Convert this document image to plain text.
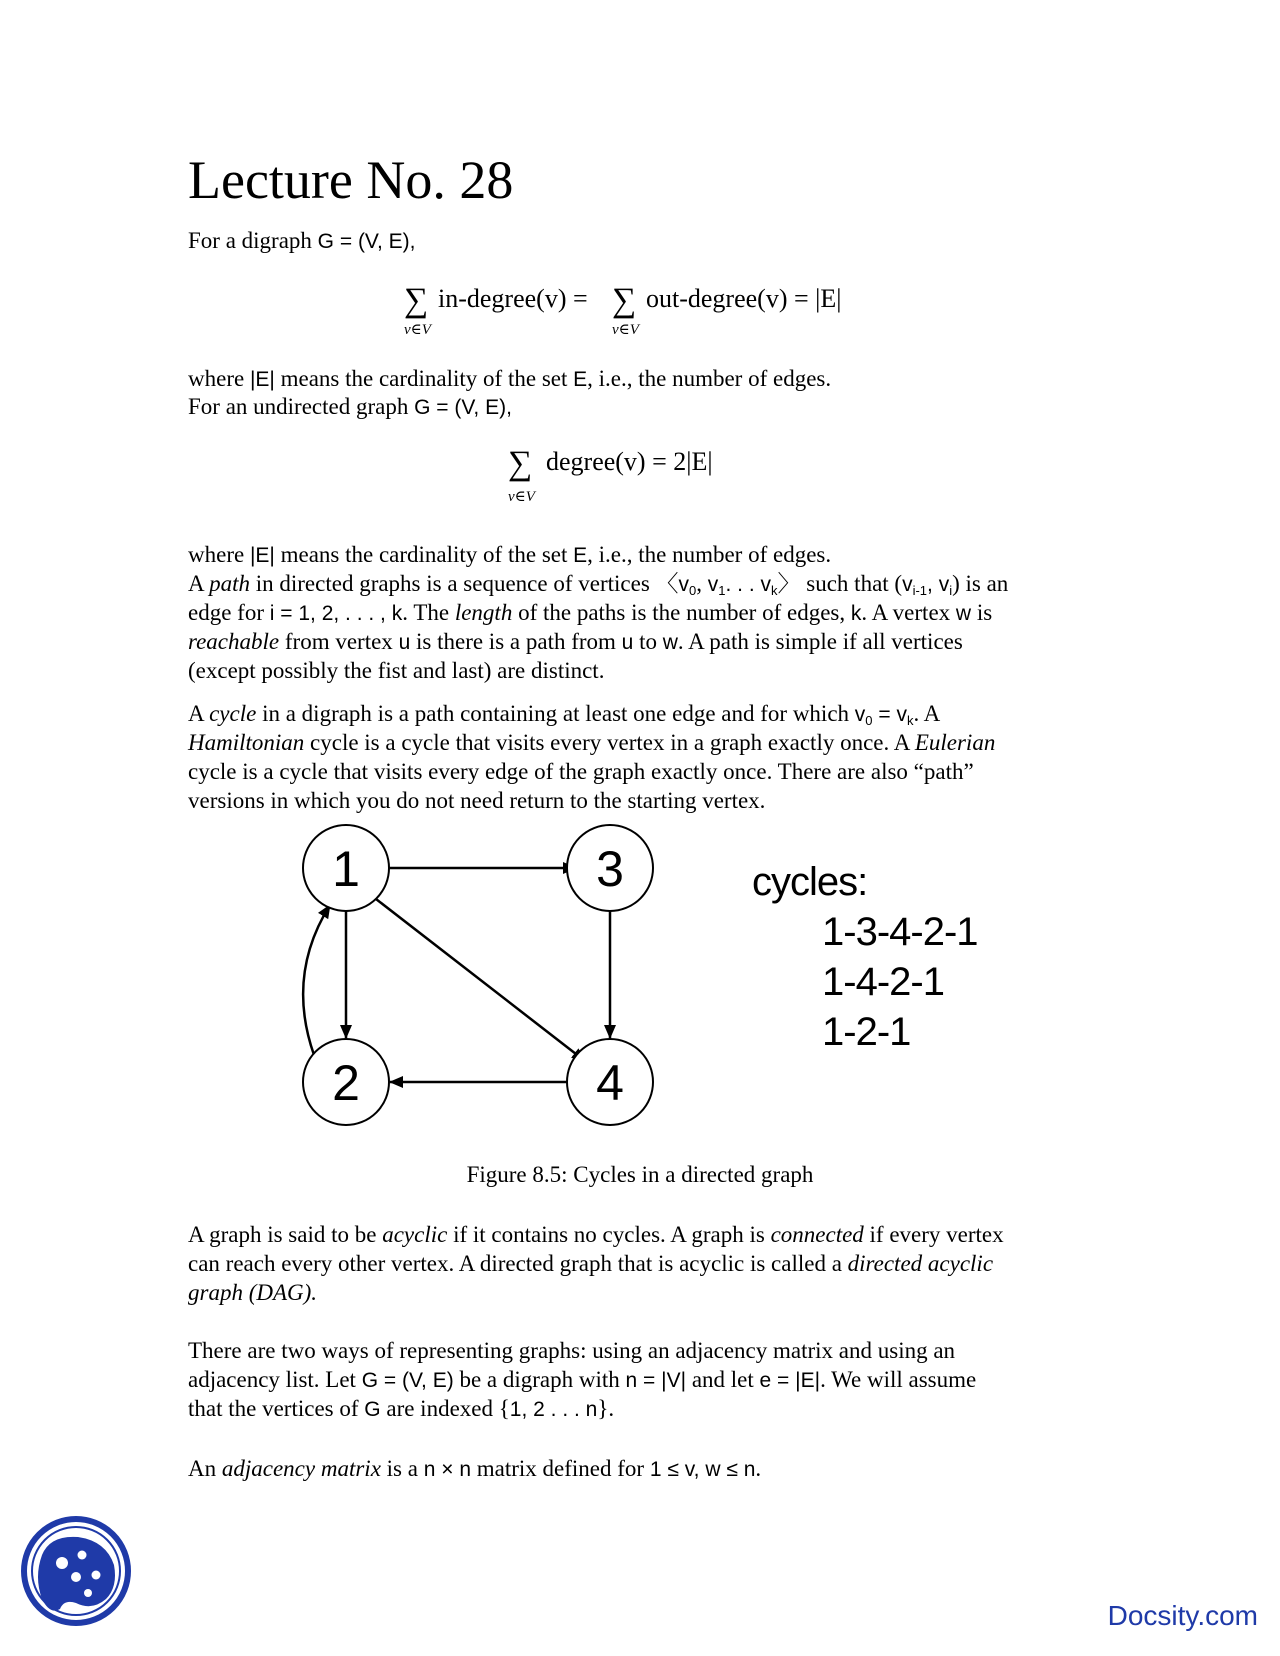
Lecture No. 28
For a digraph G = (V, E),
∑ in-degree(v) = ∑ out-degree(v) = |E|
v∈V	v∈V
where |E| means the cardinality of the set E, i.e., the number of edges.
For an undirected graph G = (V, E),
∑ degree(v) = 2|E|
v∈V
where |E| means the cardinality of the set E, i.e., the number of edges.
A path in directed graphs is a sequence of vertices 〈$v_0$, $v_1$. . . $v_k$〉 such that ($v_{i-1}$, $v_i$) is an
edge for i = 1, 2, . . . , k. The length of the paths is the number of edges, k. A vertex w is
reachable from vertex u is there is a path from u to w. A path is simple if all vertices
(except possibly the fist and last) are distinct.
A cycle in a digraph is a path containing at least one edge and for which $v_0 = v_k$. A
Hamiltonian cycle is a cycle that visits every vertex in a graph exactly once. A Eulerian
cycle is a cycle that visits every edge of the graph exactly once. There are also “path”
versions in which you do not need return to the starting vertex.
1	3
2	4
cycles:
1-3-4-2-1
1-4-2-1
1-2-1
Figure 8.5: Cycles in a directed graph
A graph is said to be acyclic if it contains no cycles. A graph is connected if every vertex
can reach every other vertex. A directed graph that is acyclic is called a directed acyclic
graph (DAG).
There are two ways of representing graphs: using an adjacency matrix and using an
adjacency list. Let G = (V, E) be a digraph with n = |V| and let e = |E|. We will assume
that the vertices of G are indexed {1, 2 . . . n}.
An adjacency matrix is a n × n matrix defined for 1 ≤ v, w ≤ n.
Docsity.com
